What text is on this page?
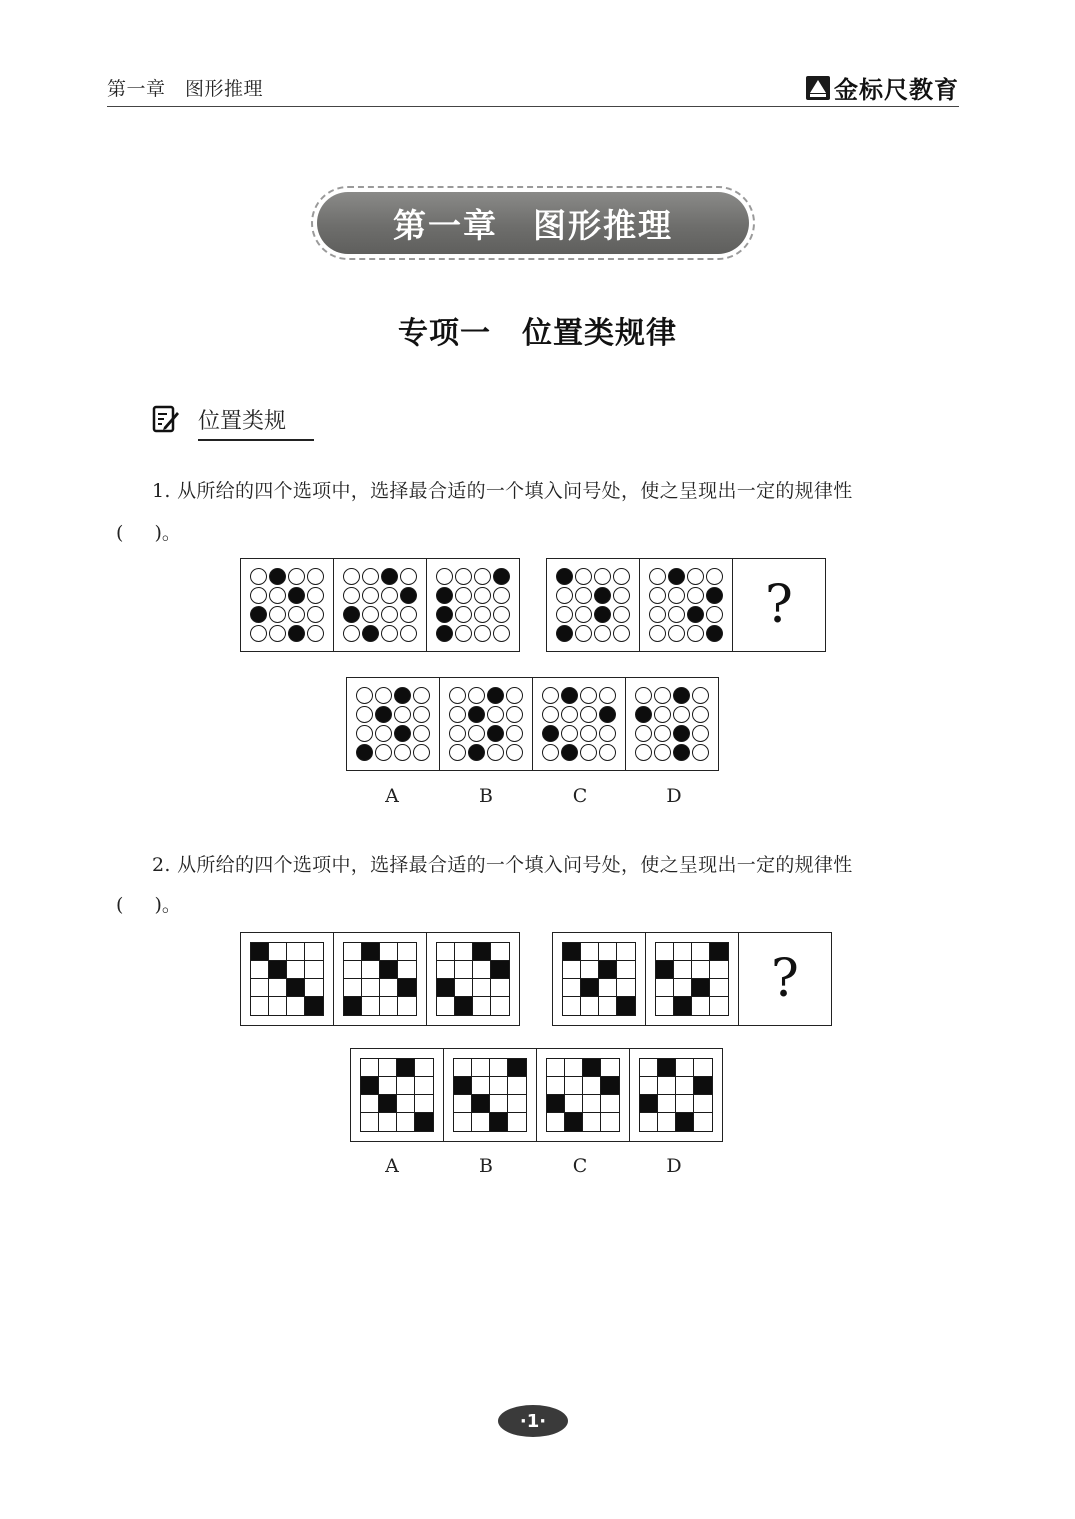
第一章　图形推理	金标尺教育
第一章　图形推理
专项一　位置类规律
位置类规
1. 从所给的四个选项中，选择最合适的一个填入问号处，使之呈现出一定的规律性
(　  )。
?
A	B	C	D
2. 从所给的四个选项中，选择最合适的一个填入问号处，使之呈现出一定的规律性
(　  )。
?
A	B	C	D
·1·
